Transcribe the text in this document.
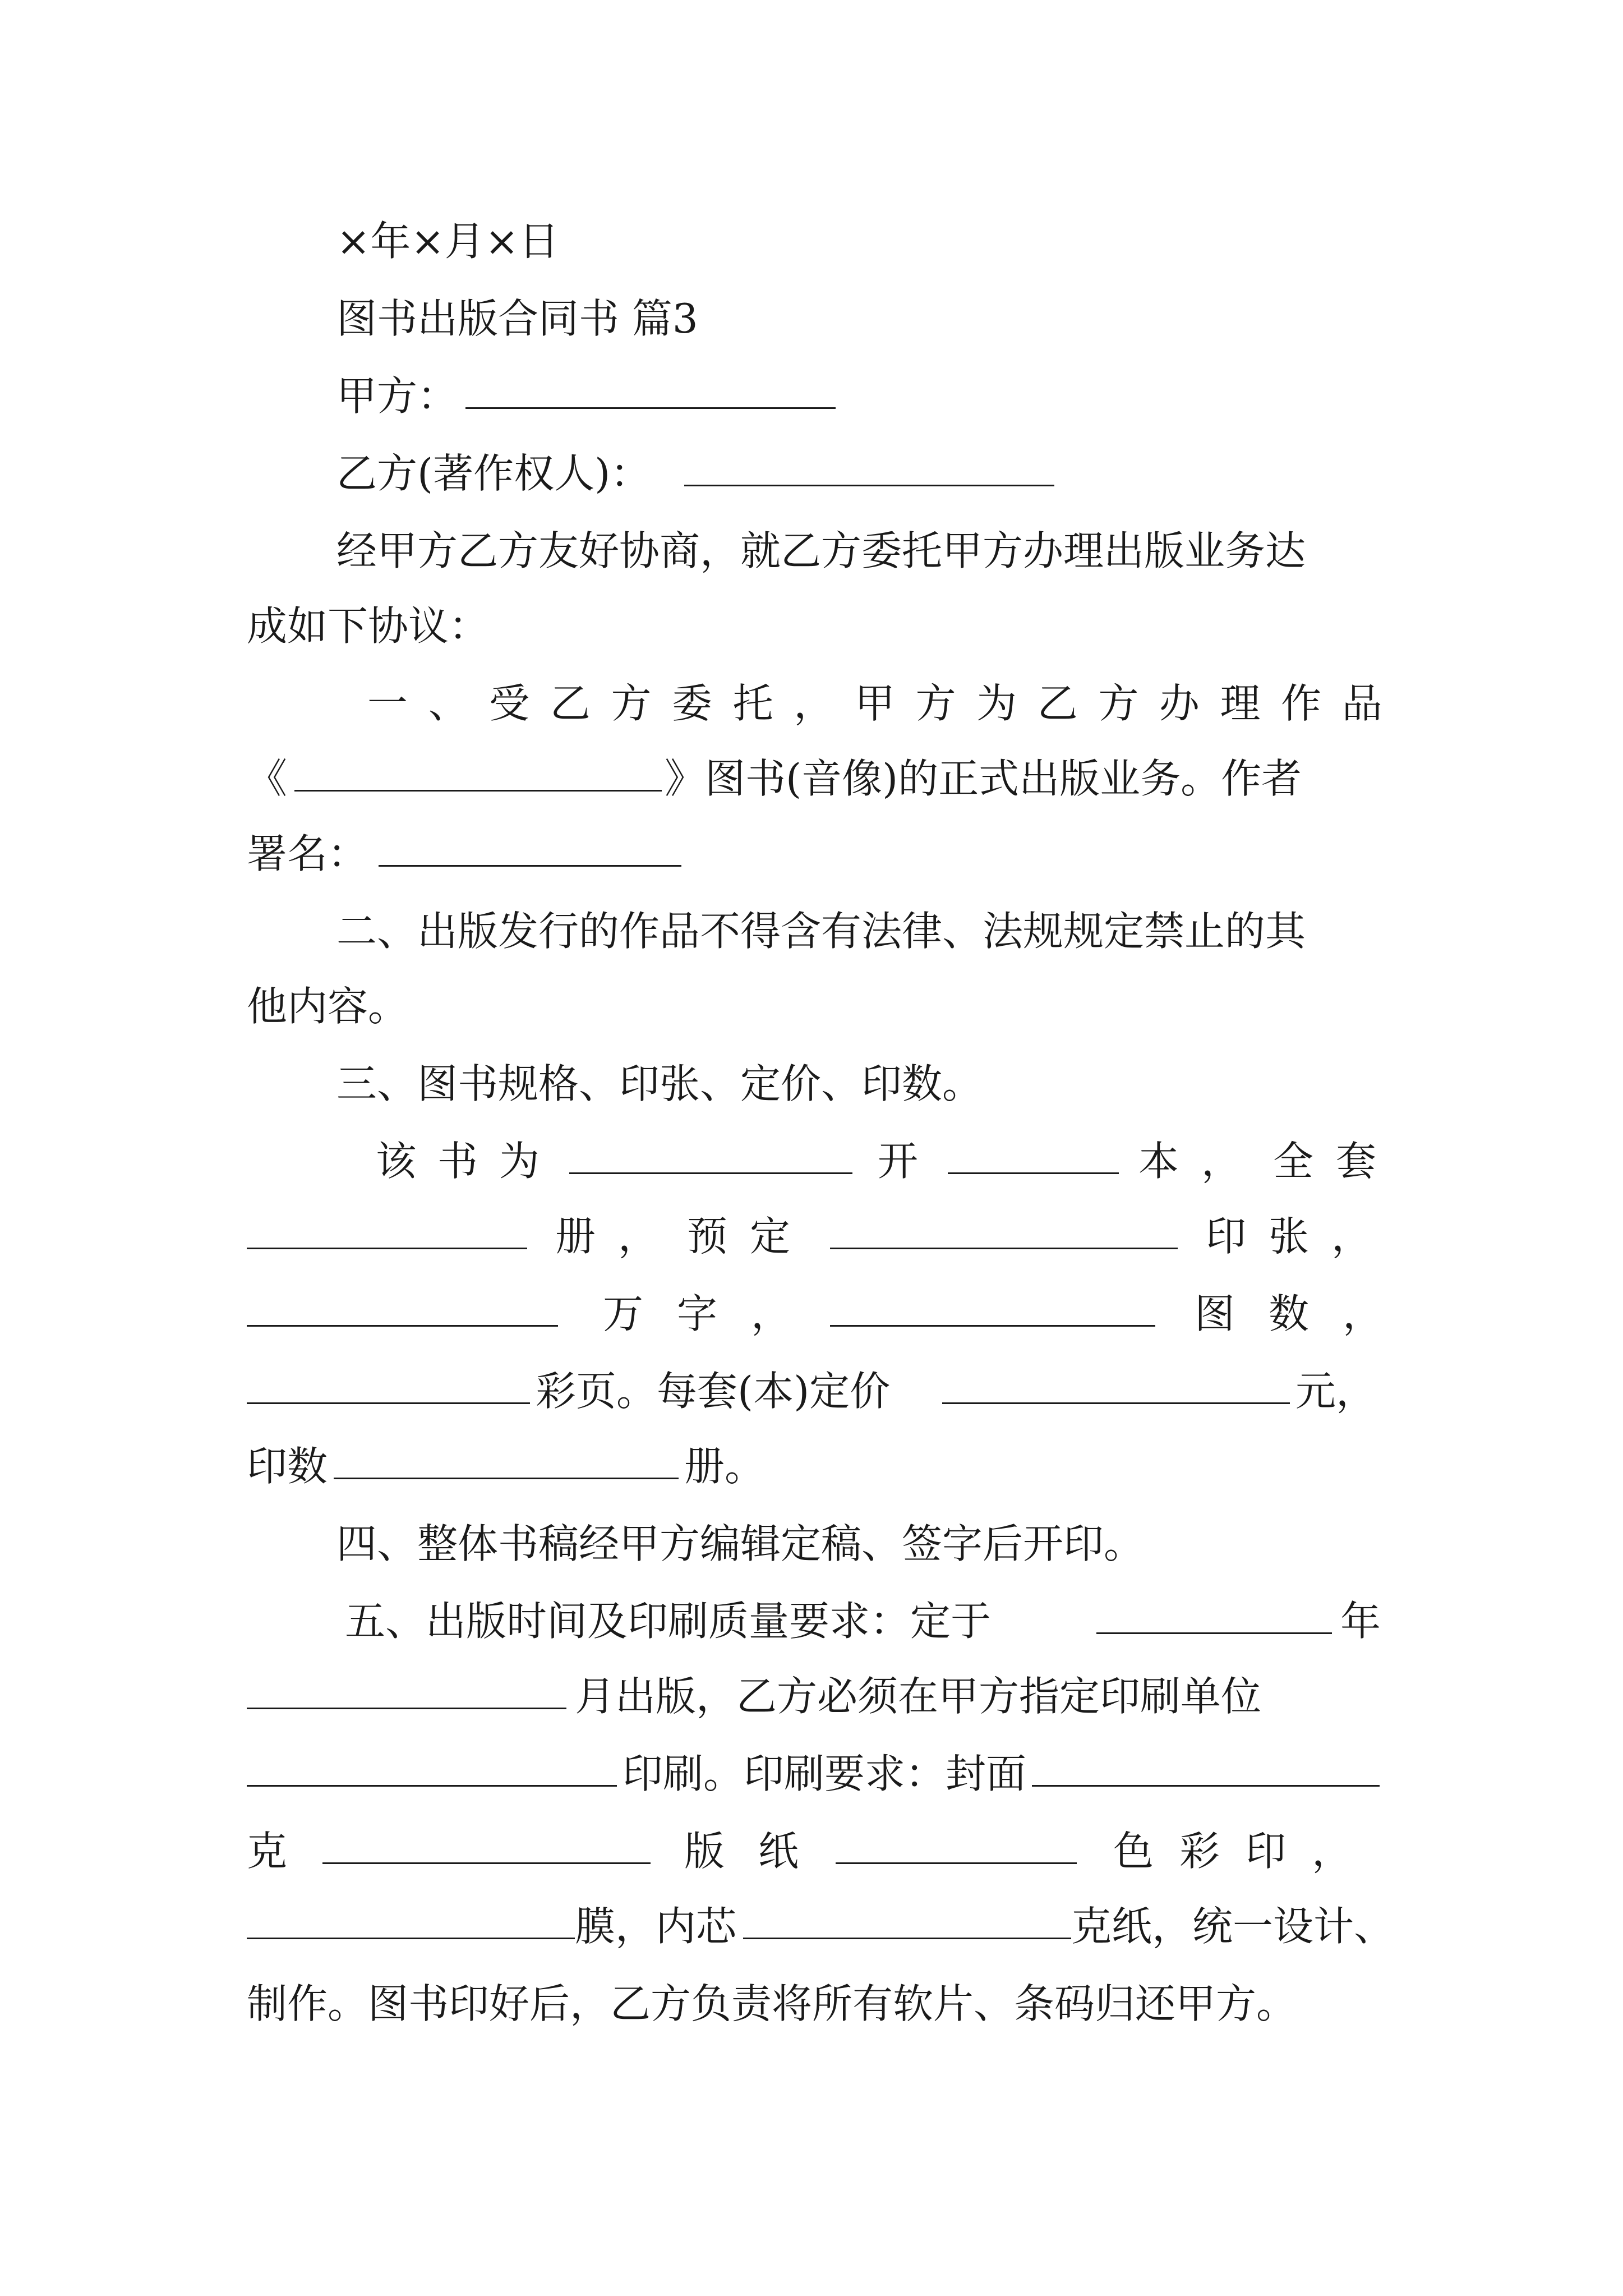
×年×月×日
图书出版合同书 篇3
甲方：
乙方(著作权人)：
经甲方乙方友好协商，就乙方委托甲方办理出版业务达
成如下协议：
一 、 受 乙 方 委 托 ， 甲 方 为 乙 方 办 理 作 品
《	》图书(音像)的正式出版业务。作者
署名：
二、出版发行的作品不得含有法律、法规规定禁止的其
他内容。
三、图书规格、印张、定价、印数。
该书为	开	本， 全套
册， 预定	印张，
万字，	图数，
彩页。每套(本)定价	元，
印数	册。
四、整体书稿经甲方编辑定稿、签字后开印。
五、出版时间及印刷质量要求：定于	年
月出版，乙方必须在甲方指定印刷单位
印刷。印刷要求：封面
克	版纸	色彩印，
膜，内芯	克纸，统一设计、
制作。图书印好后，乙方负责将所有软片、条码归还甲方。
